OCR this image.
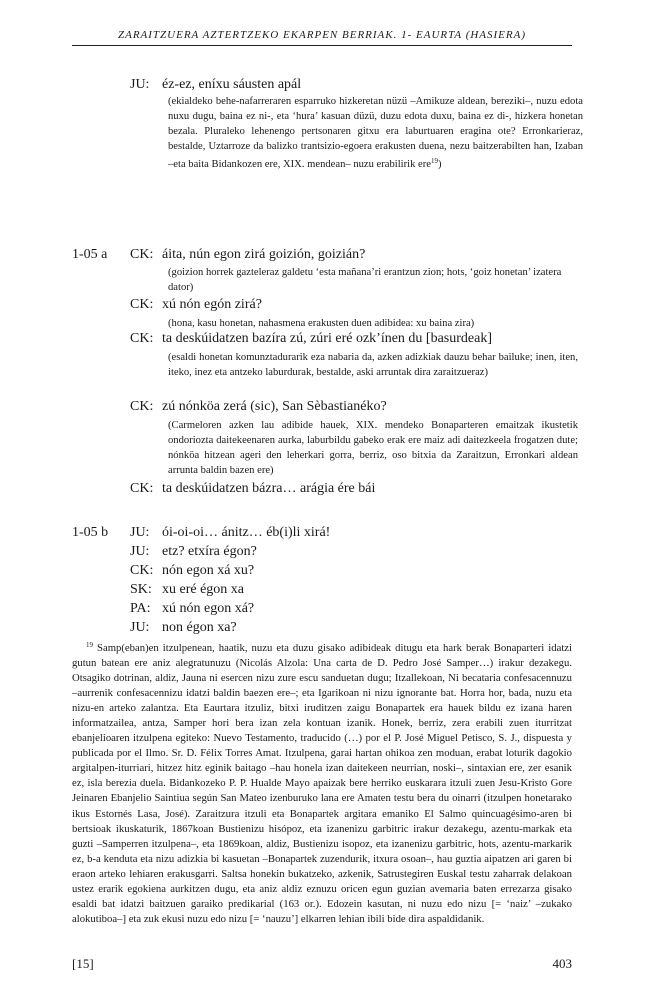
ZARAITZUERA AZTERTZEKO EKARPEN BERRIAK. 1- EAURTA (HASIERA)
JU: éz-ez, eníxu sáusten apál
(ekialdeko behe-nafarreraren esparruko hizkeretan nüzü –Amikuze aldean, bereziki–, nuzu edota nuxu dugu, baina ez ni-, eta ‘hura’ kasuan düzü, duzu edota duxu, baina ez di-, hizkera honetan bezala. Pluraleko lehenengo pertsonaren gitxu era laburtuaren eragina ote? Erronkarieraz, bestalde, Uztarroze da balizko trantsizio-egoera erakusten duena, nezu baitzerabilten han, Izaban –eta baita Bidankozen ere, XIX. mendean– nuzu erabilirik ere$^{19}$)
1-05 a CK: áita, nún egon zirá goizión, goizián?
(goizion horrek gazteleraz galdetu ‘esta mañana’ri erantzun zion; hots, ‘goiz honetan’ izatera dator)
CK: xú nón egón zirá?
(hona, kasu honetan, nahasmena erakusten duen adibidea: xu baina zira)
CK: ta deskúidatzen bazíra zú, zúri eré ozk’ínen du [basurdeak]
(esaldi honetan komunztadurarik eza nabaria da, azken adizkiak dauzu behar bailuke; inen, iten, iteko, inez eta antzeko laburdurak, bestalde, aski arruntak dira zaraitzueraz)
CK: zú nónköa zerá (sic), San Sèbastianéko?
(Carmeloren azken lau adibide hauek, XIX. mendeko Bonaparteren emaitzak ikustetik ondoriozta daitekeenaren aurka, laburbildu gabeko erak ere maiz adi daitezkeela frogatzen dute; nónköa hitzean ageri den leherkari gorra, berriz, oso bitxia da Zaraitzun, Erronkari aldean arrunta baldin bazen ere)
CK: ta deskúidatzen bázra… arágia ére bái
1-05 b JU: ói-oi-oi… ánitz… éb(i)li xirá!
JU: etz? etxíra égon?
CK: nón egon xá xu?
SK: xu eré égon xa
PA: xú nón egon xá?
JU: non égon xa?
$^{19}$ Samp(eban)en itzulpenean, haatik, nuzu eta duzu gisako adibideak ditugu eta hark berak Bonaparteri idatzi gutun batean ere aniz alegratunuzu (Nicolás Alzola: Una carta de D. Pedro José Samper…) irakur dezakegu. Otsagiko dotrinan, aldiz, Jauna ni esercen nizu zure escu sanduetan dugu; Itzallekoan, Ni becataria confesacennuzu –aurrenik confesacennizu idatzi baldin baezen ere–; eta Igarikoan ni nizu ignorante bat. Horra hor, bada, nuzu eta nizu-en arteko zalantza. Eta Eaurtara itzuliz, bitxi iruditzen zaigu Bonapartek era hauek bildu ez izana haren informatzailea, antza, Samper hori bera izan zela kontuan izanik. Honek, berriz, zera erabili zuen iturritzat ebanjelioaren itzulpena egiteko: Nuevo Testamento, traducido (…) por el P. José Miguel Petisco, S. J., dispuesta y publicada por el Ilmo. Sr. D. Félix Torres Amat. Itzulpena, garai hartan ohikoa zen moduan, erabat loturik dagokio argitalpen-iturriari, hitzez hitz eginik baitago –hau honela izan daitekeen neurrian, noski–, sintaxian ere, zer esanik ez, isla berezia duela. Bidankozeko P. P. Hualde Mayo apaizak bere herriko euskarara itzuli zuen Jesu-Kristo Gore Jeinaren Ebanjelio Saintiua según San Mateo izenburuko lana ere Amaten testu bera du oinarri (itzulpen honetarako ikus Estornés Lasa, José). Zaraitzura itzuli eta Bonapartek argitara emaniko El Salmo quincuagésimo-aren bi bertsioak ikuskaturik, 1867koan Bustienizu hisópoz, eta izanenizu garbitric irakur dezakegu, azentu-markak eta guzti –Samperren itzulpena–, eta 1869koan, aldiz, Bustienizu isopoz, eta izanenizu garbitric, hots, azentu-markarik ez, b-a kenduta eta nizu adizkia bi kasuetan –Bonapartek zuzendurik, itxura osoan–, hau guztia aipatzen ari garen bi eraon arteko lehiaren erakusgarri. Saltsa honekin bukatzeko, azkenik, Satrustegiren Euskal testu zaharrak delakoan ustez erarik egokiena aurkitzen dugu, eta aniz aldiz eznuzu oricen egun guzian avemaria baten errezarza gisako esaldi bat idatzi baitzuen garaiko predikarial (163 or.). Edozein kasutan, ni nuzu edo nizu [= ‘naiz’ –zukako alokutiboa–] eta zuk ekusi nuzu edo nizu [= ‘nauzu’] elkarren lehian ibili bide dira aspaldidanik.
[15]	403
